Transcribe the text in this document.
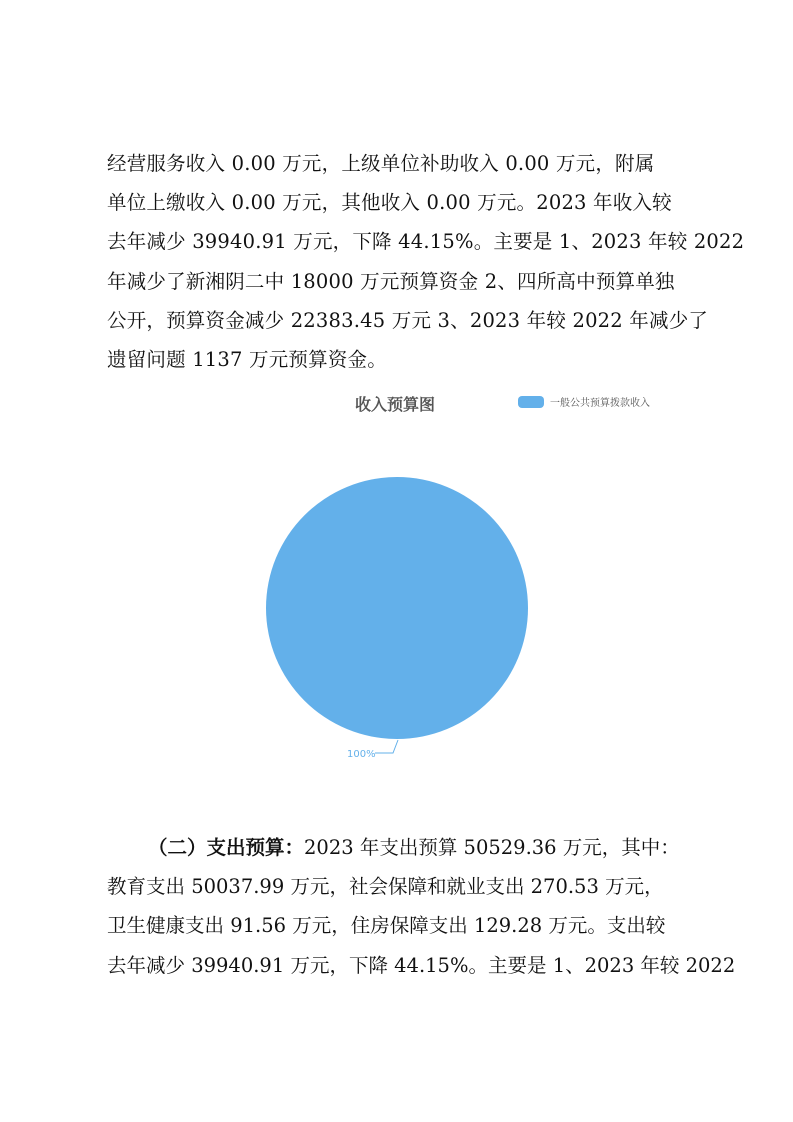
经营服务收入 0.00 万元，上级单位补助收入 0.00 万元，附属
单位上缴收入 0.00 万元，其他收入 0.00 万元。2023 年收入较
去年减少 39940.91 万元，下降 44.15%。主要是 1、2023 年较 2022
年减少了新湘阴二中 18000 万元预算资金 2、四所高中预算单独
公开，预算资金减少 22383.45 万元 3、2023 年较 2022 年减少了
遗留问题 1137 万元预算资金。
收入预算图	一般公共预算拨款收入
100%
（二）支出预算：2023 年支出预算 50529.36 万元，其中：
教育支出 50037.99 万元，社会保障和就业支出 270.53 万元，
卫生健康支出 91.56 万元，住房保障支出 129.28 万元。支出较
去年减少 39940.91 万元，下降 44.15%。主要是 1、2023 年较 2022
